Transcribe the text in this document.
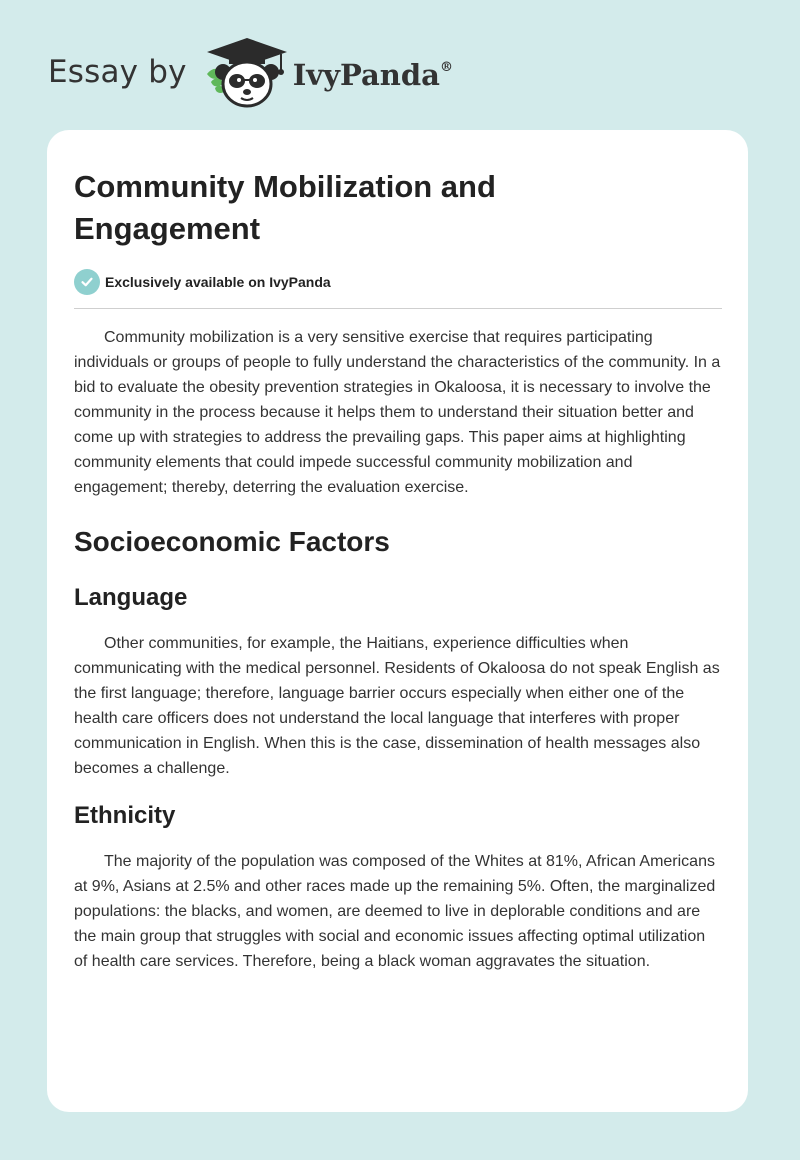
Essay by	IvyPanda®
Community Mobilization and Engagement
Exclusively available on IvyPanda

Community mobilization is a very sensitive exercise that requires participating individuals or groups of people to fully understand the characteristics of the community. In a bid to evaluate the obesity prevention strategies in Okaloosa, it is necessary to involve the community in the process because it helps them to understand their situation better and come up with strategies to address the prevailing gaps. This paper aims at highlighting community elements that could impede successful community mobilization and engagement; thereby, deterring the evaluation exercise.

Socioeconomic Factors
Language

Other communities, for example, the Haitians, experience difficulties when communicating with the medical personnel. Residents of Okaloosa do not speak English as the first language; therefore, language barrier occurs especially when either one of the health care officers does not understand the local language that interferes with proper communication in English. When this is the case, dissemination of health messages also becomes a challenge.

Ethnicity

The majority of the population was composed of the Whites at 81%, African Americans at 9%, Asians at 2.5% and other races made up the remaining 5%. Often, the marginalized populations: the blacks, and women, are deemed to live in deplorable conditions and are the main group that struggles with social and economic issues affecting optimal utilization of health care services. Therefore, being a black woman aggravates the situation.
